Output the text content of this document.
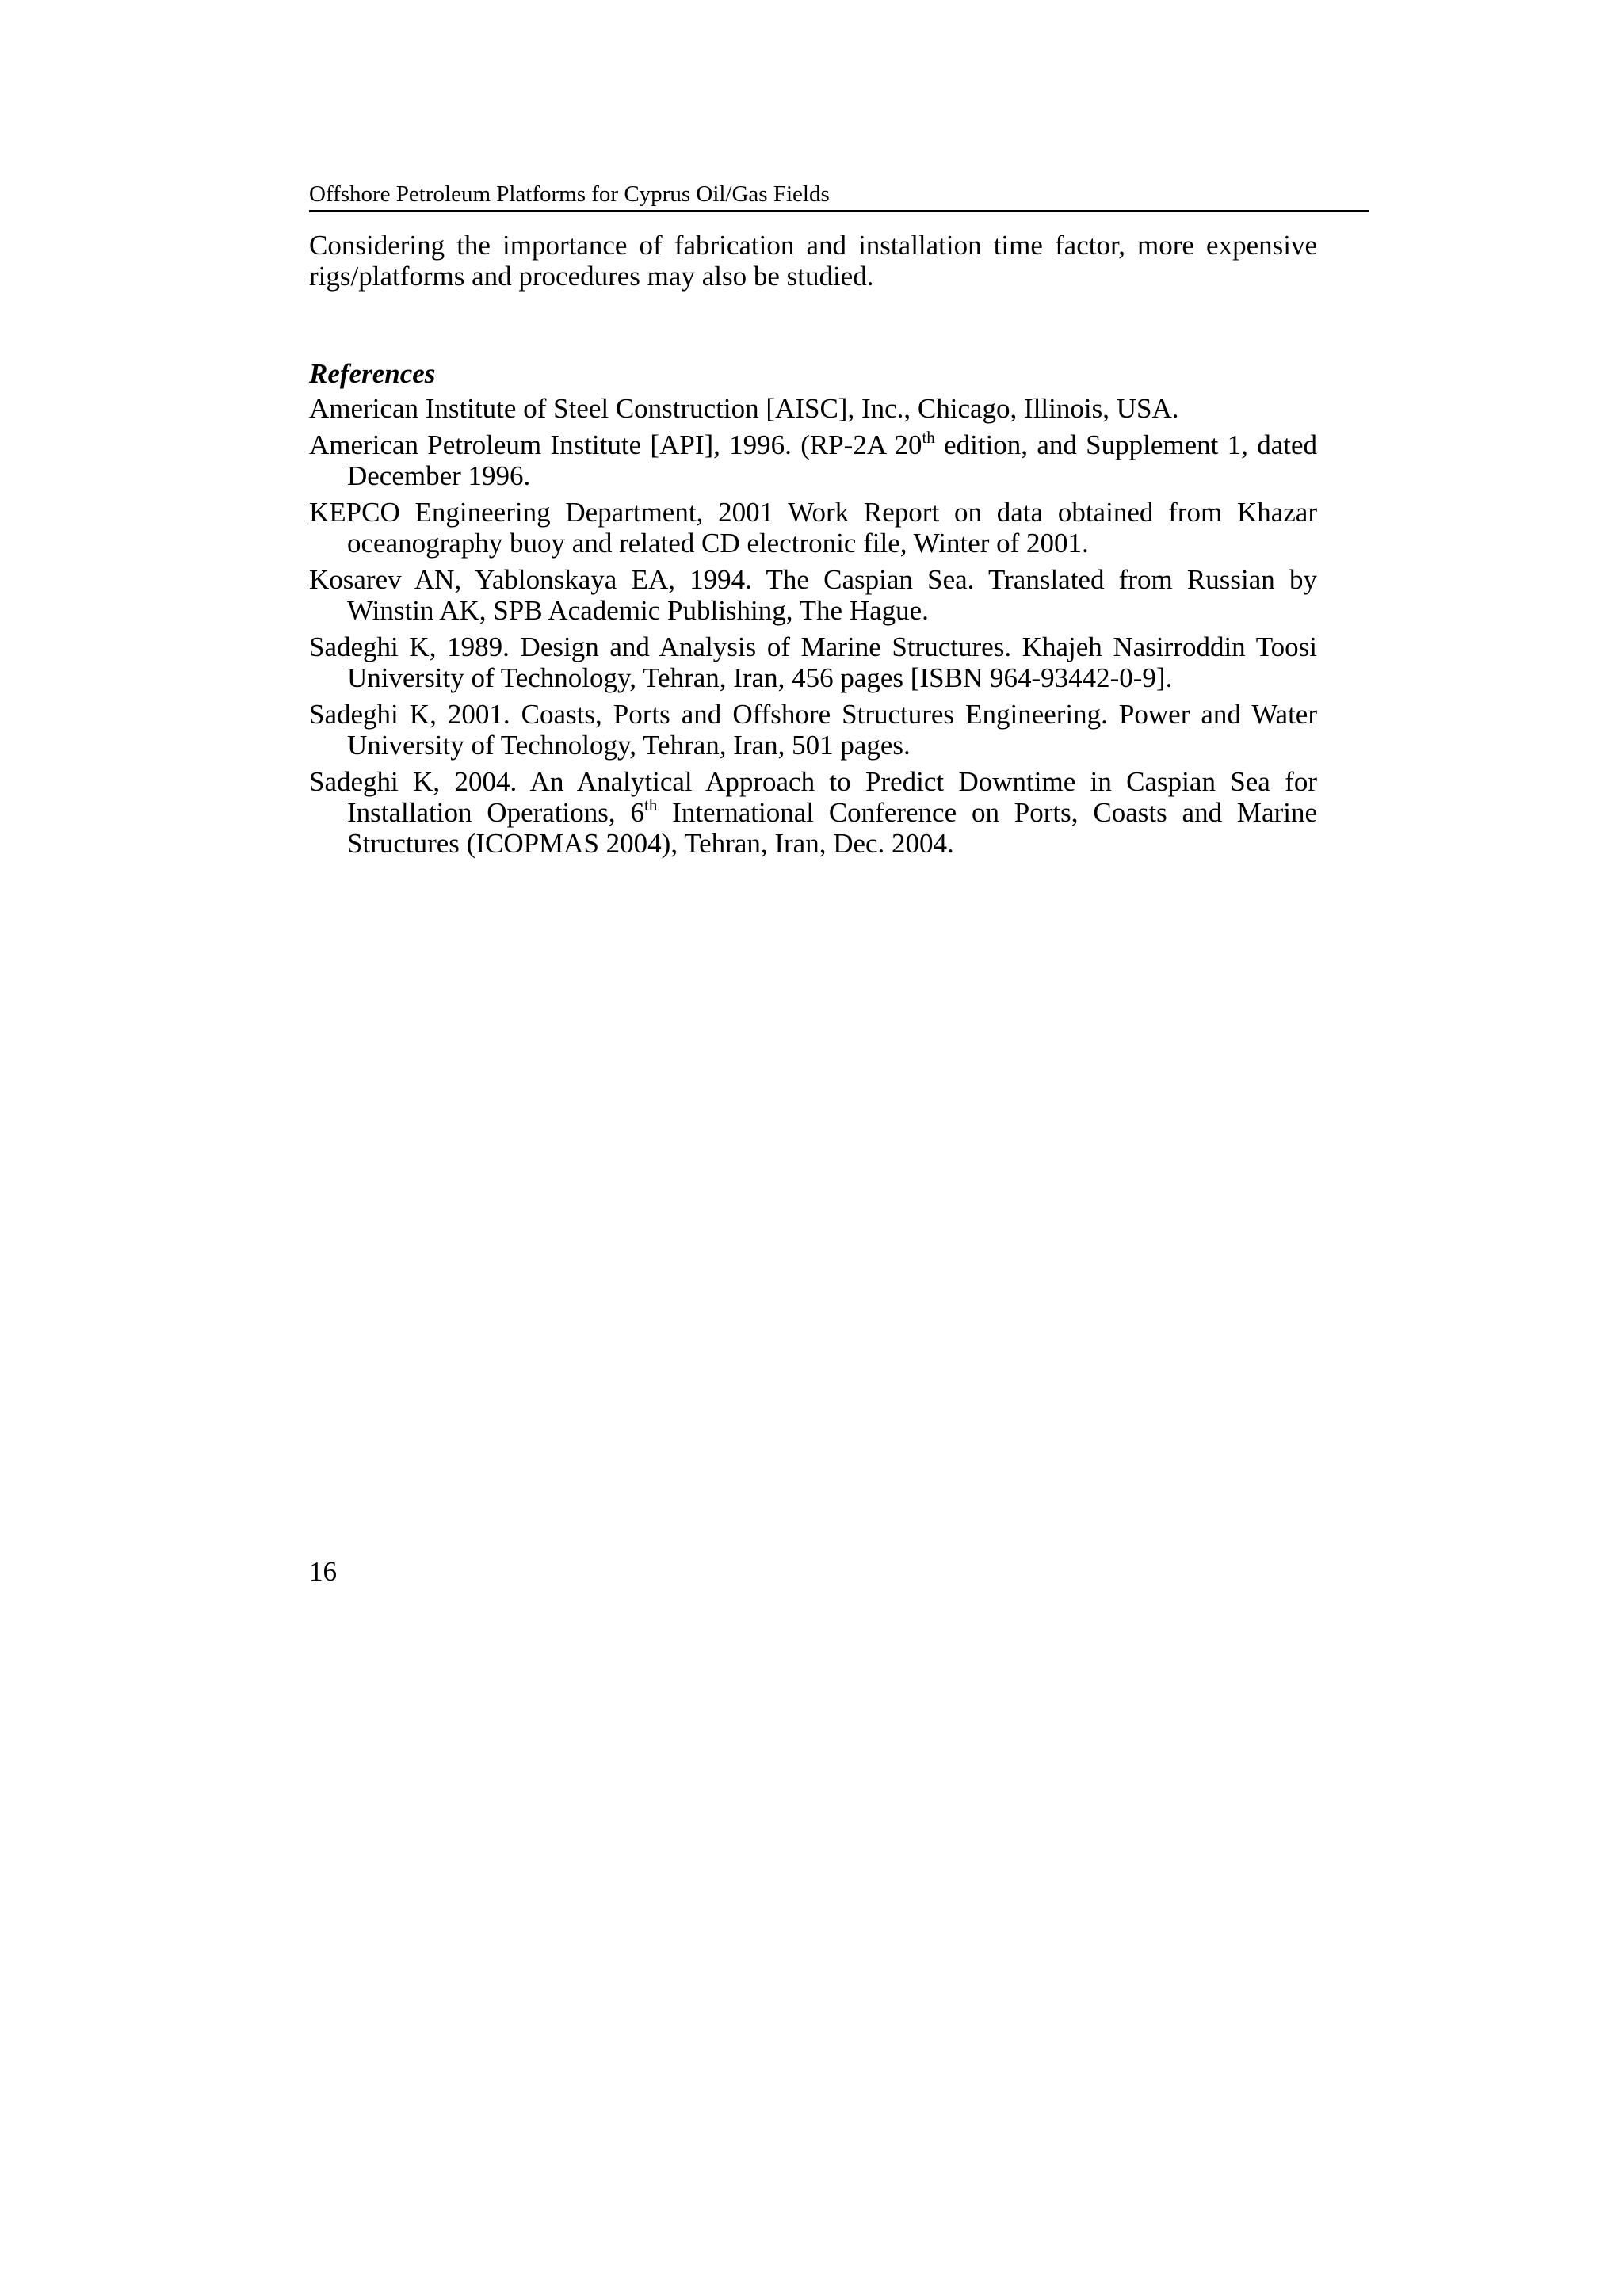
Offshore Petroleum Platforms for Cyprus Oil/Gas Fields

Considering the importance of fabrication and installation time factor, more expensive rigs/platforms and procedures may also be studied.

References
American Institute of Steel Construction [AISC], Inc., Chicago, Illinois, USA.
American Petroleum Institute [API], 1996. (RP-2A 20th edition, and Supplement 1, dated December 1996.
KEPCO Engineering Department, 2001 Work Report on data obtained from Khazar oceanography buoy and related CD electronic file, Winter of 2001.
Kosarev AN, Yablonskaya EA, 1994. The Caspian Sea. Translated from Russian by Winstin AK, SPB Academic Publishing, The Hague.
Sadeghi K, 1989. Design and Analysis of Marine Structures. Khajeh Nasirroddin Toosi University of Technology, Tehran, Iran, 456 pages [ISBN 964-93442-0-9].
Sadeghi K, 2001. Coasts, Ports and Offshore Structures Engineering. Power and Water University of Technology, Tehran, Iran, 501 pages.
Sadeghi K, 2004. An Analytical Approach to Predict Downtime in Caspian Sea for Installation Operations, 6th International Conference on Ports, Coasts and Marine Structures (ICOPMAS 2004), Tehran, Iran, Dec. 2004.
16
